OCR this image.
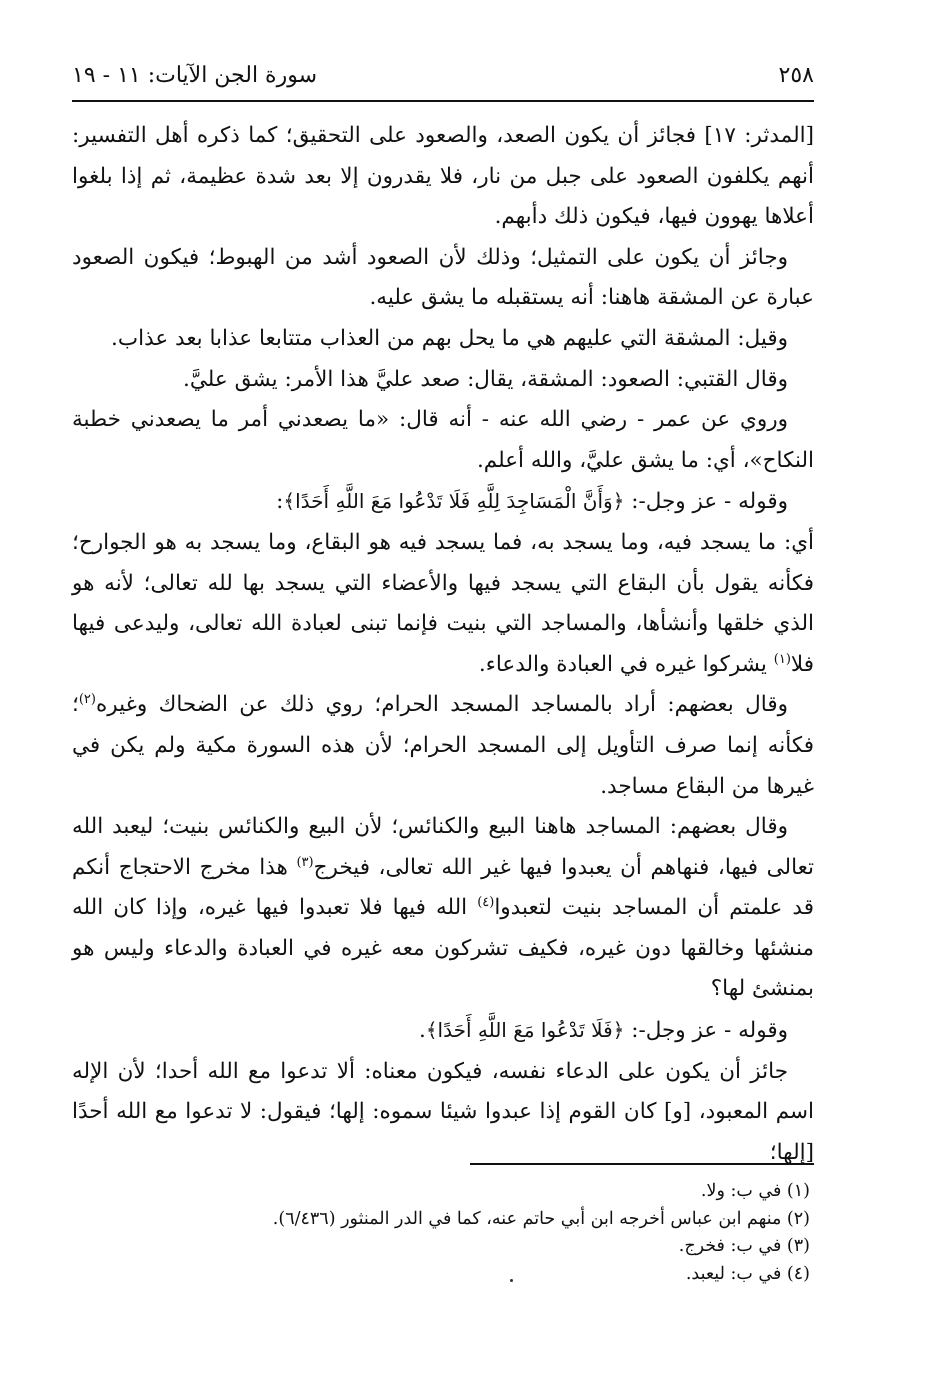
٢٥٨
سورة الجن الآيات: ١١ - ١٩

[المدثر: ١٧] فجائز أن يكون الصعد، والصعود على التحقيق؛ كما ذكره أهل التفسير: أنهم يكلفون الصعود على جبل من نار، فلا يقدرون إلا بعد شدة عظيمة، ثم إذا بلغوا أعلاها يهوون فيها، فيكون ذلك دأبهم.

وجائز أن يكون على التمثيل؛ وذلك لأن الصعود أشد من الهبوط؛ فيكون الصعود عبارة عن المشقة هاهنا: أنه يستقبله ما يشق عليه.

وقيل: المشقة التي عليهم هي ما يحل بهم من العذاب متتابعا عذابا بعد عذاب.

وقال القتبي: الصعود: المشقة، يقال: صعد عليَّ هذا الأمر: يشق عليَّ.

وروي عن عمر - رضي الله عنه - أنه قال: «ما يصعدني أمر ما يصعدني خطبة النكاح»، أي: ما يشق عليَّ، والله أعلم.

وقوله - عز وجل-: ﴿وَأَنَّ الْمَسَاجِدَ لِلَّهِ فَلَا تَدْعُوا مَعَ اللَّهِ أَحَدًا﴾:

أي: ما يسجد فيه، وما يسجد به، فما يسجد فيه هو البقاع، وما يسجد به هو الجوارح؛ فكأنه يقول بأن البقاع التي يسجد فيها والأعضاء التي يسجد بها لله تعالى؛ لأنه هو الذي خلقها وأنشأها، والمساجد التي بنيت فإنما تبنى لعبادة الله تعالى، وليدعى فيها فلا$^{(١)}$ يشركوا غيره في العبادة والدعاء.

وقال بعضهم: أراد بالمساجد المسجد الحرام؛ روي ذلك عن الضحاك وغيره$^{(٢)}$؛ فكأنه إنما صرف التأويل إلى المسجد الحرام؛ لأن هذه السورة مكية ولم يكن في غيرها من البقاع مساجد.

وقال بعضهم: المساجد هاهنا البيع والكنائس؛ لأن البيع والكنائس بنيت؛ ليعبد الله تعالى فيها، فنهاهم أن يعبدوا فيها غير الله تعالى، فيخرج$^{(٣)}$ هذا مخرج الاحتجاج أنكم قد علمتم أن المساجد بنيت لتعبدوا$^{(٤)}$ الله فيها فلا تعبدوا فيها غيره، وإذا كان الله منشئها وخالقها دون غيره، فكيف تشركون معه غيره في العبادة والدعاء وليس هو بمنشئ لها؟

وقوله - عز وجل-: ﴿فَلَا تَدْعُوا مَعَ اللَّهِ أَحَدًا﴾.

جائز أن يكون على الدعاء نفسه، فيكون معناه: ألا تدعوا مع الله أحدا؛ لأن الإله اسم المعبود، [و] كان القوم إذا عبدوا شيئا سموه: إلها؛ فيقول: لا تدعوا مع الله أحدًا [إلها؛

(١) في ب: ولا.

(٢) منهم ابن عباس أخرجه ابن أبي حاتم عنه، كما في الدر المنثور (٦/٤٣٦).

(٣) في ب: فخرج.

(٤) في ب: ليعبد.
